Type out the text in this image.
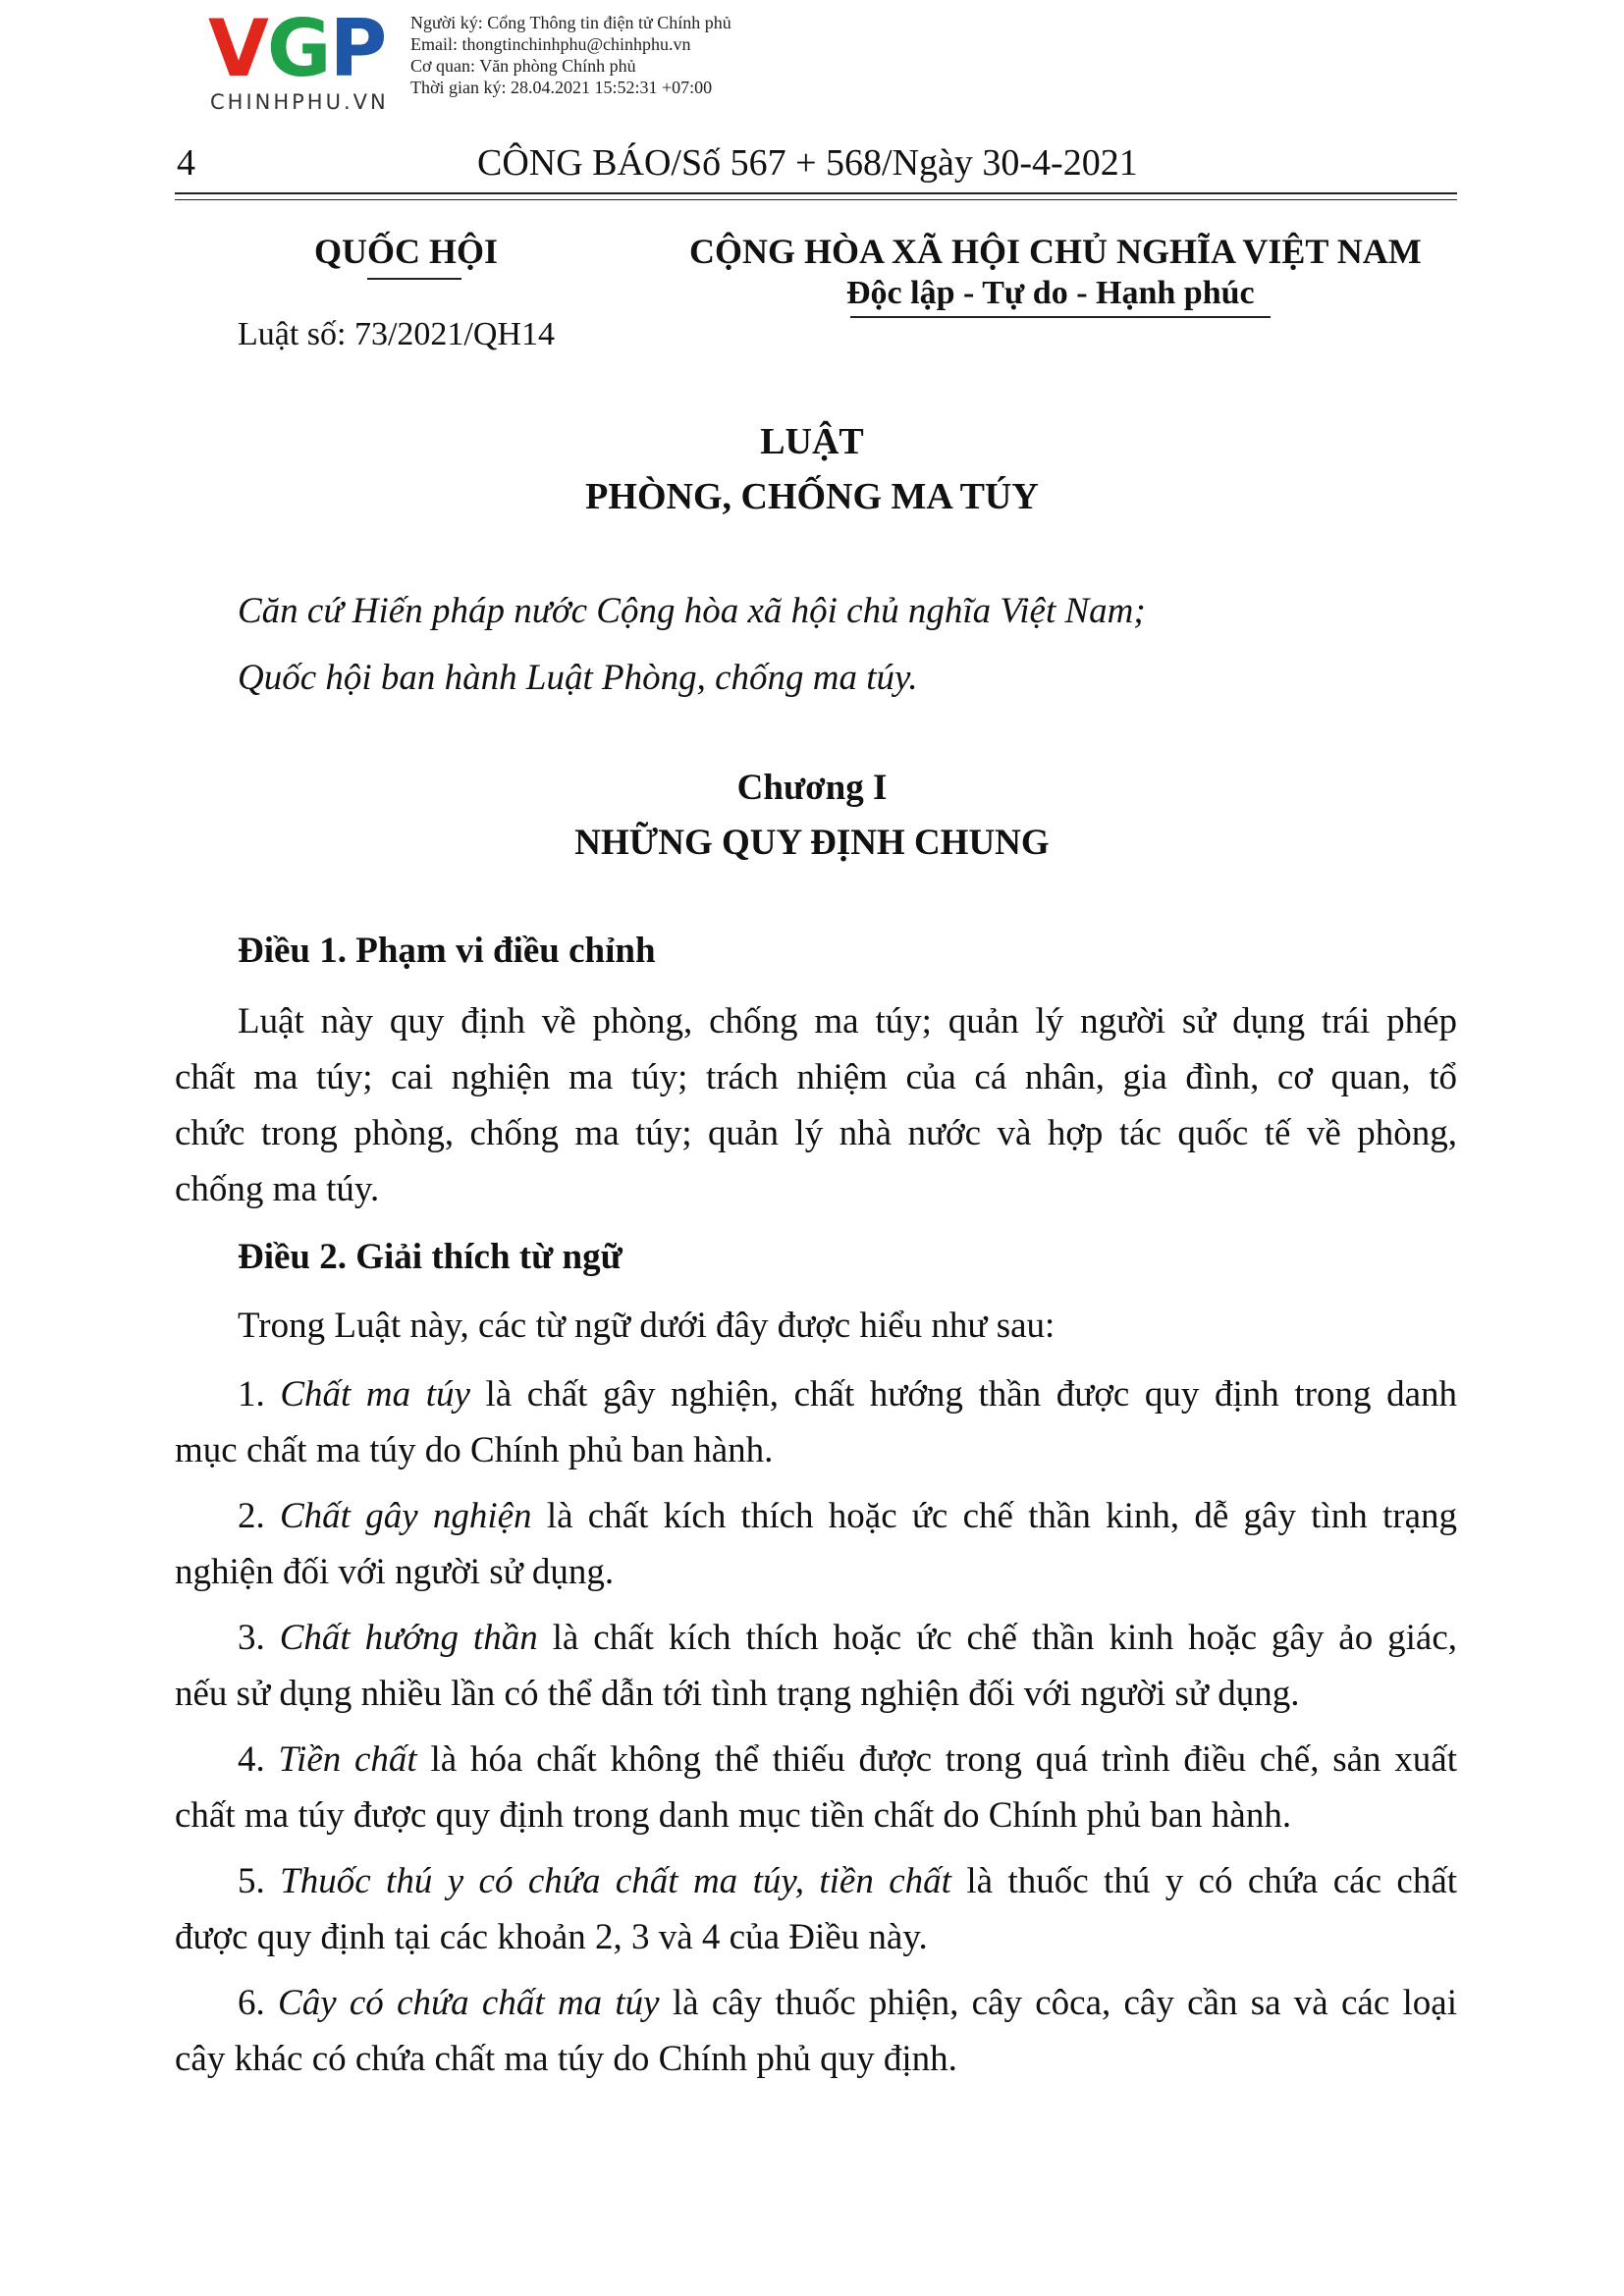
VGP
CHINHPHU.VN
Người ký: Cổng Thông tin điện tử Chính phủ
Email: thongtinchinhphu@chinhphu.vn
Cơ quan: Văn phòng Chính phủ
Thời gian ký: 28.04.2021 15:52:31 +07:00
4	CÔNG BÁO/Số 567 + 568/Ngày 30-4-2021
QUỐC HỘI
Luật số: 73/2021/QH14
CỘNG HÒA XÃ HỘI CHỦ NGHĨA VIỆT NAM
Độc lập - Tự do - Hạnh phúc
LUẬT
PHÒNG, CHỐNG MA TÚY
Căn cứ Hiến pháp nước Cộng hòa xã hội chủ nghĩa Việt Nam;
Quốc hội ban hành Luật Phòng, chống ma túy.
Chương I
NHỮNG QUY ĐỊNH CHUNG
Điều 1. Phạm vi điều chỉnh
Luật này quy định về phòng, chống ma túy; quản lý người sử dụng trái phép
chất ma túy; cai nghiện ma túy; trách nhiệm của cá nhân, gia đình, cơ quan, tổ
chức trong phòng, chống ma túy; quản lý nhà nước và hợp tác quốc tế về phòng,
chống ma túy.
Điều 2. Giải thích từ ngữ
Trong Luật này, các từ ngữ dưới đây được hiểu như sau:
1. Chất ma túy là chất gây nghiện, chất hướng thần được quy định trong danh
mục chất ma túy do Chính phủ ban hành.
2. Chất gây nghiện là chất kích thích hoặc ức chế thần kinh, dễ gây tình trạng
nghiện đối với người sử dụng.
3. Chất hướng thần là chất kích thích hoặc ức chế thần kinh hoặc gây ảo giác,
nếu sử dụng nhiều lần có thể dẫn tới tình trạng nghiện đối với người sử dụng.
4. Tiền chất là hóa chất không thể thiếu được trong quá trình điều chế, sản xuất
chất ma túy được quy định trong danh mục tiền chất do Chính phủ ban hành.
5. Thuốc thú y có chứa chất ma túy, tiền chất là thuốc thú y có chứa các chất
được quy định tại các khoản 2, 3 và 4 của Điều này.
6. Cây có chứa chất ma túy là cây thuốc phiện, cây côca, cây cần sa và các loại
cây khác có chứa chất ma túy do Chính phủ quy định.
